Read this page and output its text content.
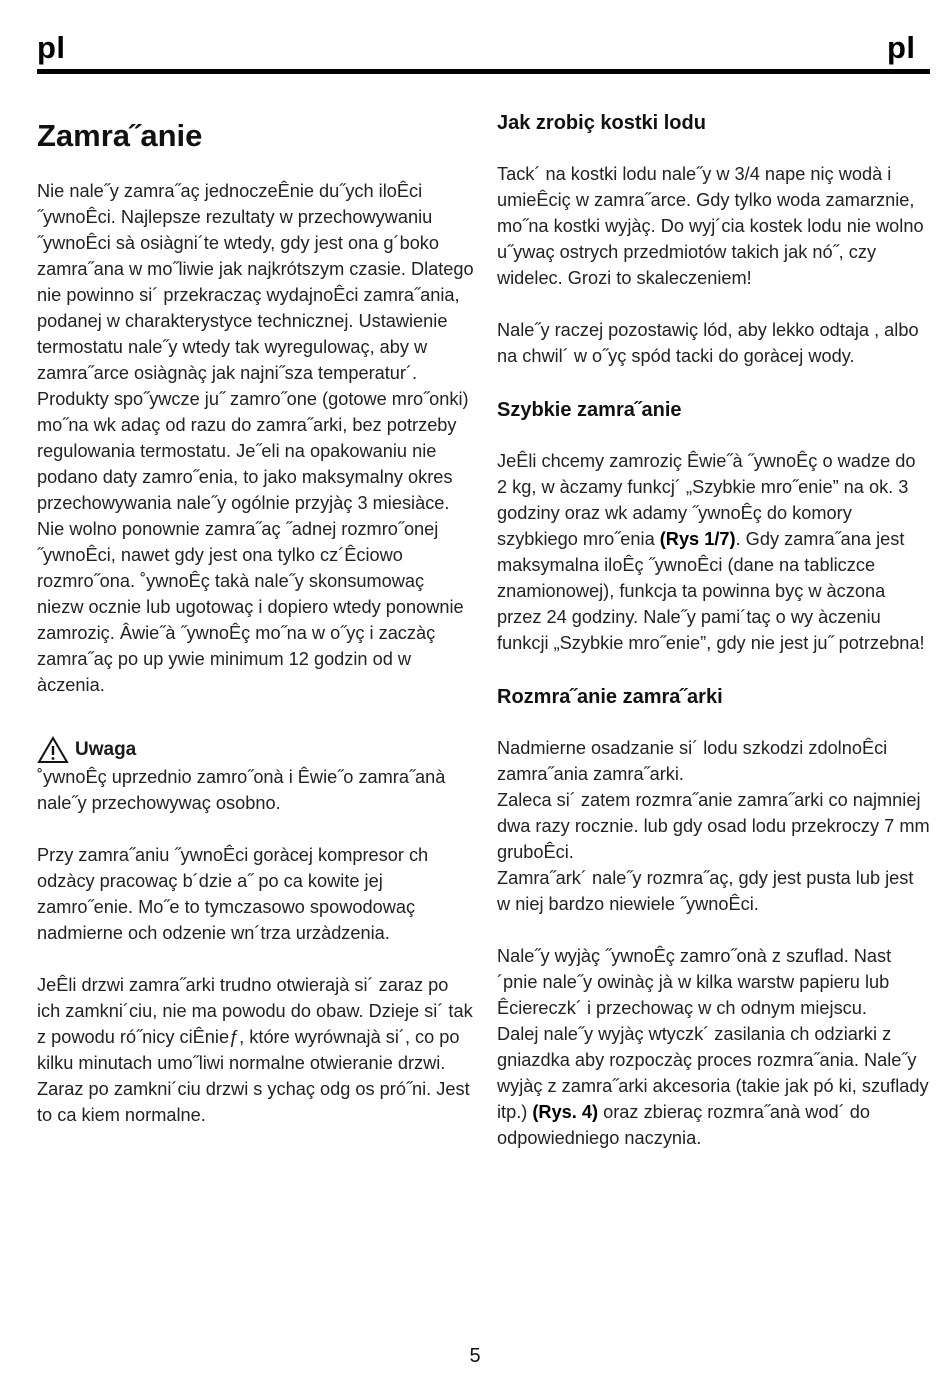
pl	pl
Zamra˝anie

Nie nale˝y zamra˝aç jednoczeÊnie du˝ych iloÊci ˝ywnoÊci. Najlepsze rezultaty w przechowywaniu ˝ywnoÊci sà osiàgni´te wtedy, gdy jest ona g´boko zamra˝ana w mo˝liwie jak najkrótszym czasie. Dlatego nie powinno si´ przekraczaç wydajnoÊci zamra˝ania, podanej w charakterystyce technicznej. Ustawienie termostatu nale˝y wtedy tak wyregulowaç, aby w zamra˝arce osiàgnàç jak najni˝sza temperatur´. Produkty spo˝ywcze ju˝ zamro˝one (gotowe mro˝onki) mo˝na wk adaç od razu do zamra˝arki, bez potrzeby regulowania termostatu. Je˝eli na opakowaniu nie podano daty zamro˝enia, to jako maksymalny okres przechowywania nale˝y ogólnie przyjàç 3 miesiàce. Nie wolno ponownie zamra˝aç ˝adnej rozmro˝onej ˝ywnoÊci, nawet gdy jest ona tylko cz´Êciowo rozmro˝ona. ˚ywnoÊç takà nale˝y skonsumowaç niezw ocznie lub ugotowaç i dopiero wtedy ponownie zamroziç. Âwie˝à ˝ywnoÊç mo˝na w o˝yç i zaczàç zamra˝aç po up ywie minimum 12 godzin od w àczenia.

Uwaga

˚ywnoÊç uprzednio zamro˝onà i Êwie˝o zamra˝anà nale˝y przechowywaç osobno.

Przy zamra˝aniu ˝ywnoÊci goràcej kompresor ch odzàcy pracowaç b´dzie a˝ po ca kowite jej zamro˝enie. Mo˝e to tymczasowo spowodowaç nadmierne och odzenie wn´trza urzàdzenia.

JeÊli drzwi zamra˝arki trudno otwierajà si´ zaraz po ich zamkni´ciu, nie ma powodu do obaw. Dzieje si´ tak z powodu ró˝nicy ciÊnieƒ, które wyrównajà si´, co po kilku minutach umo˝liwi normalne otwieranie drzwi.

Zaraz po zamkni´ciu drzwi s ychaç odg os pró˝ni. Jest to ca kiem normalne.

Jak zrobiç kostki lodu

Tack´ na kostki lodu nale˝y w 3/4 nape niç wodà i umieÊciç w zamra˝arce. Gdy tylko woda zamarznie, mo˝na kostki wyjàç. Do wyj´cia kostek lodu nie wolno u˝ywaç ostrych przedmiotów takich jak nó˝, czy widelec. Grozi to skaleczeniem!

Nale˝y raczej pozostawiç lód, aby lekko odtaja , albo na chwil´ w o˝yç spód tacki do goràcej wody.

Szybkie zamra˝anie

JeÊli chcemy zamroziç Êwie˝à ˝ywnoÊç o wadze do 2 kg, w àczamy funkcj´ „Szybkie mro˝enie” na ok. 3 godziny oraz wk adamy ˝ywnoÊç do komory szybkiego mro˝enia (Rys 1/7). Gdy zamra˝ana jest maksymalna iloÊç ˝ywnoÊci (dane na tabliczce znamionowej), funkcja ta powinna byç w àczona przez 24 godziny. Nale˝y pami´taç o wy àczeniu funkcji „Szybkie mro˝enie”, gdy nie jest ju˝ potrzebna!

Rozmra˝anie zamra˝arki

Nadmierne osadzanie si´ lodu szkodzi zdolnoÊci zamra˝ania zamra˝arki.

Zaleca si´ zatem rozmra˝anie zamra˝arki co najmniej dwa razy rocznie. lub gdy osad lodu przekroczy 7 mm gruboÊci.

Zamra˝ark´ nale˝y rozmra˝aç, gdy jest pusta lub jest w niej bardzo niewiele ˝ywnoÊci.

Nale˝y wyjàç ˝ywnoÊç zamro˝onà z szuflad. Nast´pnie nale˝y owinàç jà w kilka warstw papieru lub Êciereczk´ i przechowaç w ch odnym miejscu.

Dalej nale˝y wyjàç wtyczk´ zasilania ch odziarki z gniazdka aby rozpoczàç proces rozmra˝ania. Nale˝y wyjàç z zamra˝arki akcesoria (takie jak pó ki, szuflady itp.) (Rys. 4) oraz zbieraç rozmra˝anà wod´ do odpowiedniego naczynia.

5
